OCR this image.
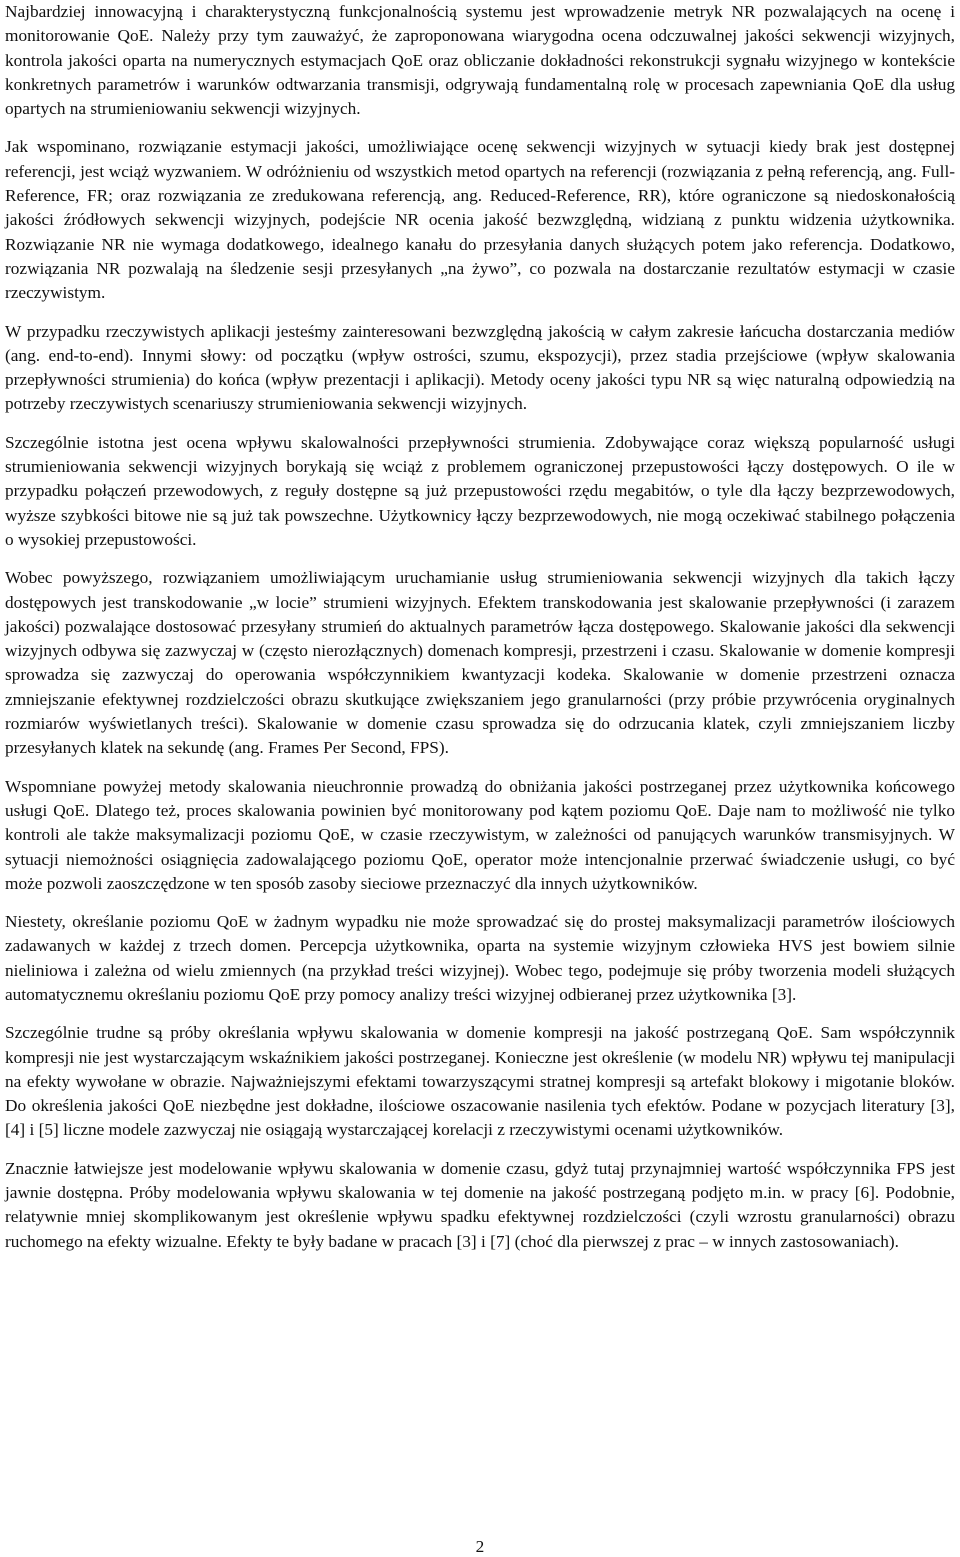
Najbardziej innowacyjną i charakterystyczną funkcjonalnością systemu jest wprowadzenie metryk NR pozwalających na ocenę i monitorowanie QoE. Należy przy tym zauważyć, że zaproponowana wiarygodna ocena odczuwalnej jakości sekwencji wizyjnych, kontrola jakości oparta na numerycznych estymacjach QoE oraz obliczanie dokładności rekonstrukcji sygnału wizyjnego w kontekście konkretnych parametrów i warunków odtwarzania transmisji, odgrywają fundamentalną rolę w procesach zapewniania QoE dla usług opartych na strumieniowaniu sekwencji wizyjnych.

Jak wspominano, rozwiązanie estymacji jakości, umożliwiające ocenę sekwencji wizyjnych w sytuacji kiedy brak jest dostępnej referencji, jest wciąż wyzwaniem. W odróżnieniu od wszystkich metod opartych na referencji (rozwiązania z pełną referencją, ang. Full-Reference, FR; oraz rozwiązania ze zredukowana referencją, ang. Reduced-Reference, RR), które ograniczone są niedoskonałością jakości źródłowych sekwencji wizyjnych, podejście NR ocenia jakość bezwzględną, widzianą z punktu widzenia użytkownika. Rozwiązanie NR nie wymaga dodatkowego, idealnego kanału do przesyłania danych służących potem jako referencja. Dodatkowo, rozwiązania NR pozwalają na śledzenie sesji przesyłanych „na żywo”, co pozwala na dostarczanie rezultatów estymacji w czasie rzeczywistym.

W przypadku rzeczywistych aplikacji jesteśmy zainteresowani bezwzględną jakością w całym zakresie łańcucha dostarczania mediów (ang. end-to-end). Innymi słowy: od początku (wpływ ostrości, szumu, ekspozycji), przez stadia przejściowe (wpływ skalowania przepływności strumienia) do końca (wpływ prezentacji i aplikacji). Metody oceny jakości typu NR są więc naturalną odpowiedzią na potrzeby rzeczywistych scenariuszy strumieniowania sekwencji wizyjnych.

Szczególnie istotna jest ocena wpływu skalowalności przepływności strumienia. Zdobywające coraz większą popularność usługi strumieniowania sekwencji wizyjnych borykają się wciąż z problemem ograniczonej przepustowości łączy dostępowych. O ile w przypadku połączeń przewodowych, z reguły dostępne są już przepustowości rzędu megabitów, o tyle dla łączy bezprzewodowych, wyższe szybkości bitowe nie są już tak powszechne. Użytkownicy łączy bezprzewodowych, nie mogą oczekiwać stabilnego połączenia o wysokiej przepustowości.

Wobec powyższego, rozwiązaniem umożliwiającym uruchamianie usług strumieniowania sekwencji wizyjnych dla takich łączy dostępowych jest transkodowanie „w locie” strumieni wizyjnych. Efektem transkodowania jest skalowanie przepływności (i zarazem jakości) pozwalające dostosować przesyłany strumień do aktualnych parametrów łącza dostępowego. Skalowanie jakości dla sekwencji wizyjnych odbywa się zazwyczaj w (często nierozłącznych) domenach kompresji, przestrzeni i czasu. Skalowanie w domenie kompresji sprowadza się zazwyczaj do operowania współczynnikiem kwantyzacji kodeka. Skalowanie w domenie przestrzeni oznacza zmniejszanie efektywnej rozdzielczości obrazu skutkujące zwiększaniem jego granularności (przy próbie przywrócenia oryginalnych rozmiarów wyświetlanych treści). Skalowanie w domenie czasu sprowadza się do odrzucania klatek, czyli zmniejszaniem liczby przesyłanych klatek na sekundę (ang. Frames Per Second, FPS).

Wspomniane powyżej metody skalowania nieuchronnie prowadzą do obniżania jakości postrzeganej przez użytkownika końcowego usługi QoE. Dlatego też, proces skalowania powinien być monitorowany pod kątem poziomu QoE. Daje nam to możliwość nie tylko kontroli ale także maksymalizacji poziomu QoE, w czasie rzeczywistym, w zależności od panujących warunków transmisyjnych. W sytuacji niemożności osiągnięcia zadowalającego poziomu QoE, operator może intencjonalnie przerwać świadczenie usługi, co być może pozwoli zaoszczędzone w ten sposób zasoby sieciowe przeznaczyć dla innych użytkowników.

Niestety, określanie poziomu QoE w żadnym wypadku nie może sprowadzać się do prostej maksymalizacji parametrów ilościowych zadawanych w każdej z trzech domen. Percepcja użytkownika, oparta na systemie wizyjnym człowieka HVS jest bowiem silnie nieliniowa i zależna od wielu zmiennych (na przykład treści wizyjnej). Wobec tego, podejmuje się próby tworzenia modeli służących automatycznemu określaniu poziomu QoE przy pomocy analizy treści wizyjnej odbieranej przez użytkownika [3].

Szczególnie trudne są próby określania wpływu skalowania w domenie kompresji na jakość postrzeganą QoE. Sam współczynnik kompresji nie jest wystarczającym wskaźnikiem jakości postrzeganej. Konieczne jest określenie (w modelu NR) wpływu tej manipulacji na efekty wywołane w obrazie. Najważniejszymi efektami towarzyszącymi stratnej kompresji są artefakt blokowy i migotanie bloków. Do określenia jakości QoE niezbędne jest dokładne, ilościowe oszacowanie nasilenia tych efektów. Podane w pozycjach literatury [3], [4] i [5] liczne modele zazwyczaj nie osiągają wystarczającej korelacji z rzeczywistymi ocenami użytkowników.

Znacznie łatwiejsze jest modelowanie wpływu skalowania w domenie czasu, gdyż tutaj przynajmniej wartość współczynnika FPS jest jawnie dostępna. Próby modelowania wpływu skalowania w tej domenie na jakość postrzeganą podjęto m.in. w pracy [6]. Podobnie, relatywnie mniej skomplikowanym jest określenie wpływu spadku efektywnej rozdzielczości (czyli wzrostu granularności) obrazu ruchomego na efekty wizualne. Efekty te były badane w pracach [3] i [7] (choć dla pierwszej z prac – w innych zastosowaniach).

2
